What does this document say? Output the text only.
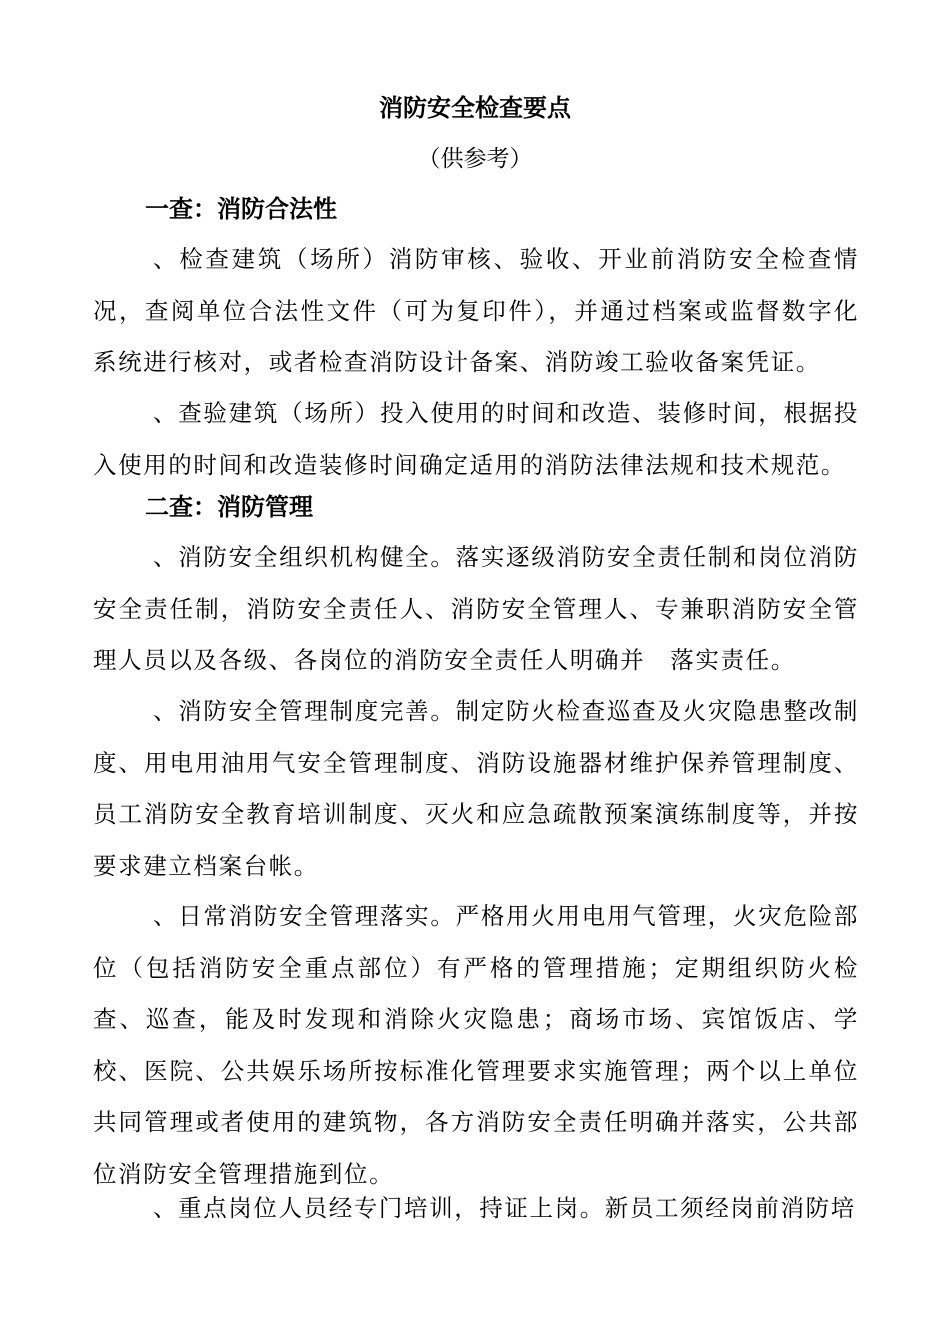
消防安全检查要点
（供参考）
一查：消防合法性

、检查建筑（场所）消防审核、验收、开业前消防安全检查情况，查阅单位合法性文件（可为复印件），并通过档案或监督数字化系统进行核对，或者检查消防设计备案、消防竣工验收备案凭证。

、查验建筑（场所）投入使用的时间和改造、装修时间，根据投入使用的时间和改造装修时间确定适用的消防法律法规和技术规范。

二查：消防管理

、消防安全组织机构健全。落实逐级消防安全责任制和岗位消防安全责任制，消防安全责任人、消防安全管理人、专兼职消防安全管理人员以及各级、各岗位的消防安全责任人明确并　落实责任。

、消防安全管理制度完善。制定防火检查巡查及火灾隐患整改制度、用电用油用气安全管理制度、消防设施器材维护保养管理制度、员工消防安全教育培训制度、灭火和应急疏散预案演练制度等，并按要求建立档案台帐。

、日常消防安全管理落实。严格用火用电用气管理，火灾危险部位（包括消防安全重点部位）有严格的管理措施；定期组织防火检查、巡查，能及时发现和消除火灾隐患；商场市场、宾馆饭店、学校、医院、公共娱乐场所按标准化管理要求实施管理；两个以上单位共同管理或者使用的建筑物，各方消防安全责任明确并落实，公共部位消防安全管理措施到位。

、重点岗位人员经专门培训，持证上岗。新员工须经岗前消防培
